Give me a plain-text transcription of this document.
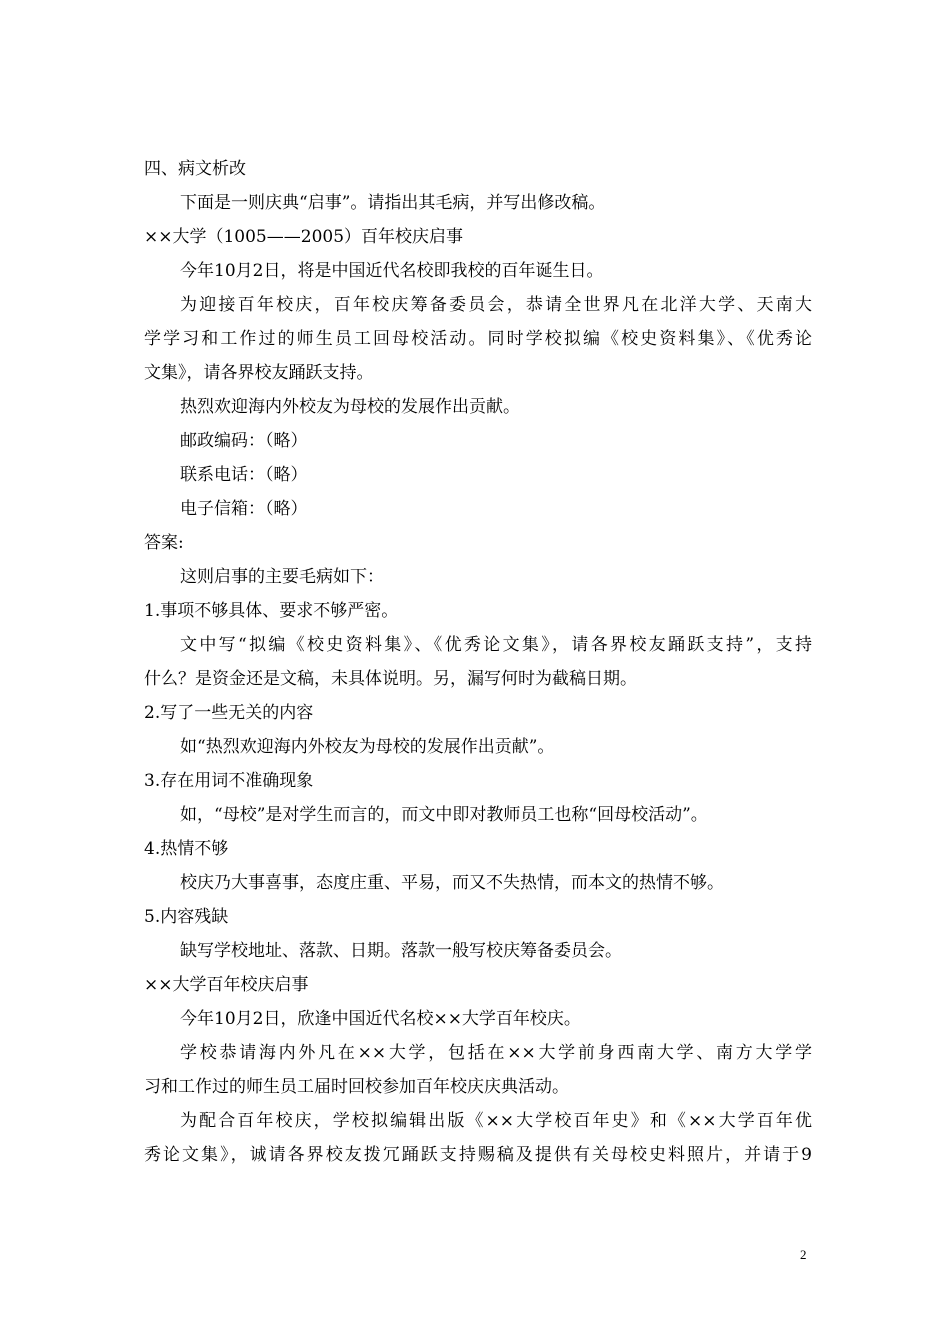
四、病文析改

下面是一则庆典“启事”。请指出其毛病，并写出修改稿。

××大学（1005——2005）百年校庆启事

今年10月2日，将是中国近代名校即我校的百年诞生日。

为迎接百年校庆，百年校庆筹备委员会，恭请全世界凡在北洋大学、天南大

学学习和工作过的师生员工回母校活动。同时学校拟编《校史资料集》、《优秀论

文集》，请各界校友踊跃支持。

热烈欢迎海内外校友为母校的发展作出贡献。

邮政编码：（略）

联系电话：（略）

电子信箱：（略）

答案:

这则启事的主要毛病如下：

1.事项不够具体、要求不够严密。

文中写“拟编《校史资料集》、《优秀论文集》，请各界校友踊跃支持”，支持

什么？是资金还是文稿，未具体说明。另，漏写何时为截稿日期。

2.写了一些无关的内容

如“热烈欢迎海内外校友为母校的发展作出贡献”。

3.存在用词不准确现象

如，“母校”是对学生而言的，而文中即对教师员工也称“回母校活动”。

4.热情不够

校庆乃大事喜事，态度庄重、平易，而又不失热情，而本文的热情不够。

5.内容残缺

缺写学校地址、落款、日期。落款一般写校庆筹备委员会。

××大学百年校庆启事

今年10月2日，欣逢中国近代名校××大学百年校庆。

学校恭请海内外凡在××大学，包括在××大学前身西南大学、南方大学学

习和工作过的师生员工届时回校参加百年校庆庆典活动。

为配合百年校庆，学校拟编辑出版《××大学校百年史》和《××大学百年优

秀论文集》，诚请各界校友拨冗踊跃支持赐稿及提供有关母校史料照片，并请于9

2
